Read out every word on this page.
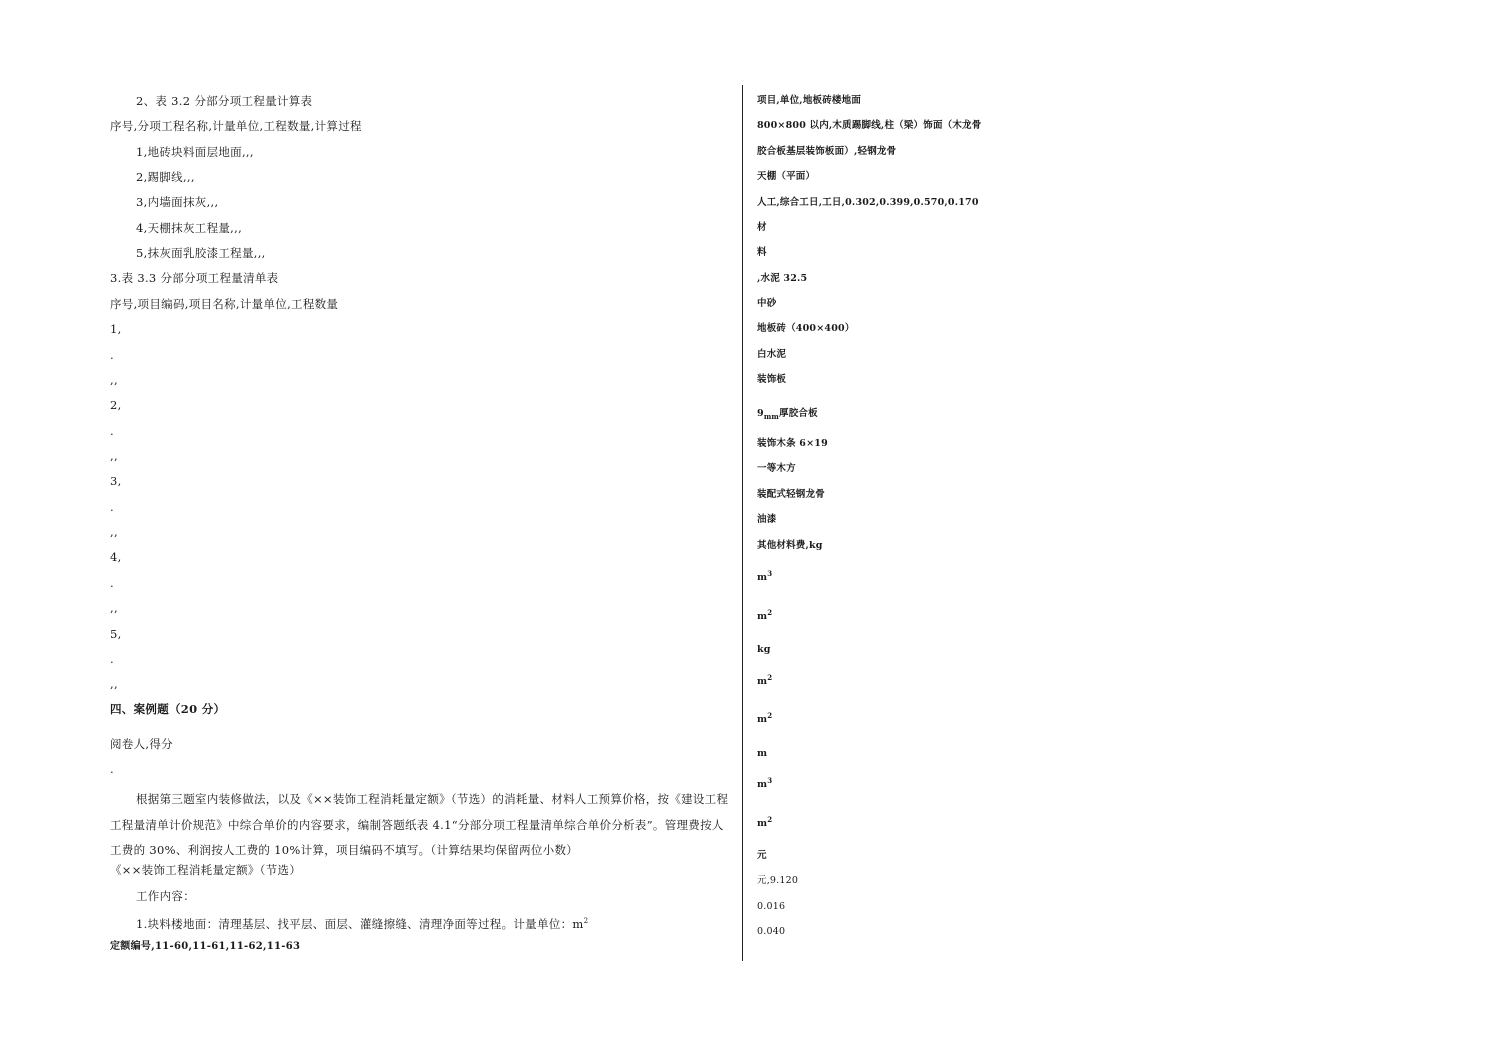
2、表 3.2 分部分项工程量计算表
序号,分项工程名称,计量单位,工程数量,计算过程
1,地砖块料面层地面,,,
2,踢脚线,,,
3,内墙面抹灰,,,
4,天棚抹灰工程量,,,
5,抹灰面乳胶漆工程量,,,
3.表 3.3 分部分项工程量清单表
序号,项目编码,项目名称,计量单位,工程数量
1,
.
,,
2,
.
,,
3,
.
,,
4,
.
,,
5,
.
,,
四、案例题（20 分）
阅卷人,得分
.
根据第三题室内装修做法，以及《××装饰工程消耗量定额》（节选）的消耗量、材料人工预算价格，按《建设工程工程量清单计价规范》中综合单价的内容要求，编制答题纸表 4.1“分部分项工程量清单综合单价分析表”。管理费按人工费的 30%、利润按人工费的 10%计算，项目编码不填写。（计算结果均保留两位小数）
《××装饰工程消耗量定额》（节选）
工作内容：
1.块料楼地面：清理基层、找平层、面层、灌缝擦缝、清理净面等过程。计量单位：$m^2$
定额编号,11-60,11-61,11-62,11-63
项目,单位,地板砖楼地面
800×800 以内,木质踢脚线,柱（梁）饰面（木龙骨
胶合板基层装饰板面）,轻钢龙骨
天棚（平面）
人工,综合工日,工日,0.302,0.399,0.570,0.170
材
料
,水泥 32.5
中砂
地板砖（400×400）
白水泥
装饰板
$9_{mm}$厚胶合板
装饰木条 6×19
一等木方
装配式轻钢龙骨
油漆
其他材料费,kg
$m^3$
$m^2$
kg
$m^2$
$m^2$
m
$m^3$
$m^2$
元
元,9.120
0.016
0.040
